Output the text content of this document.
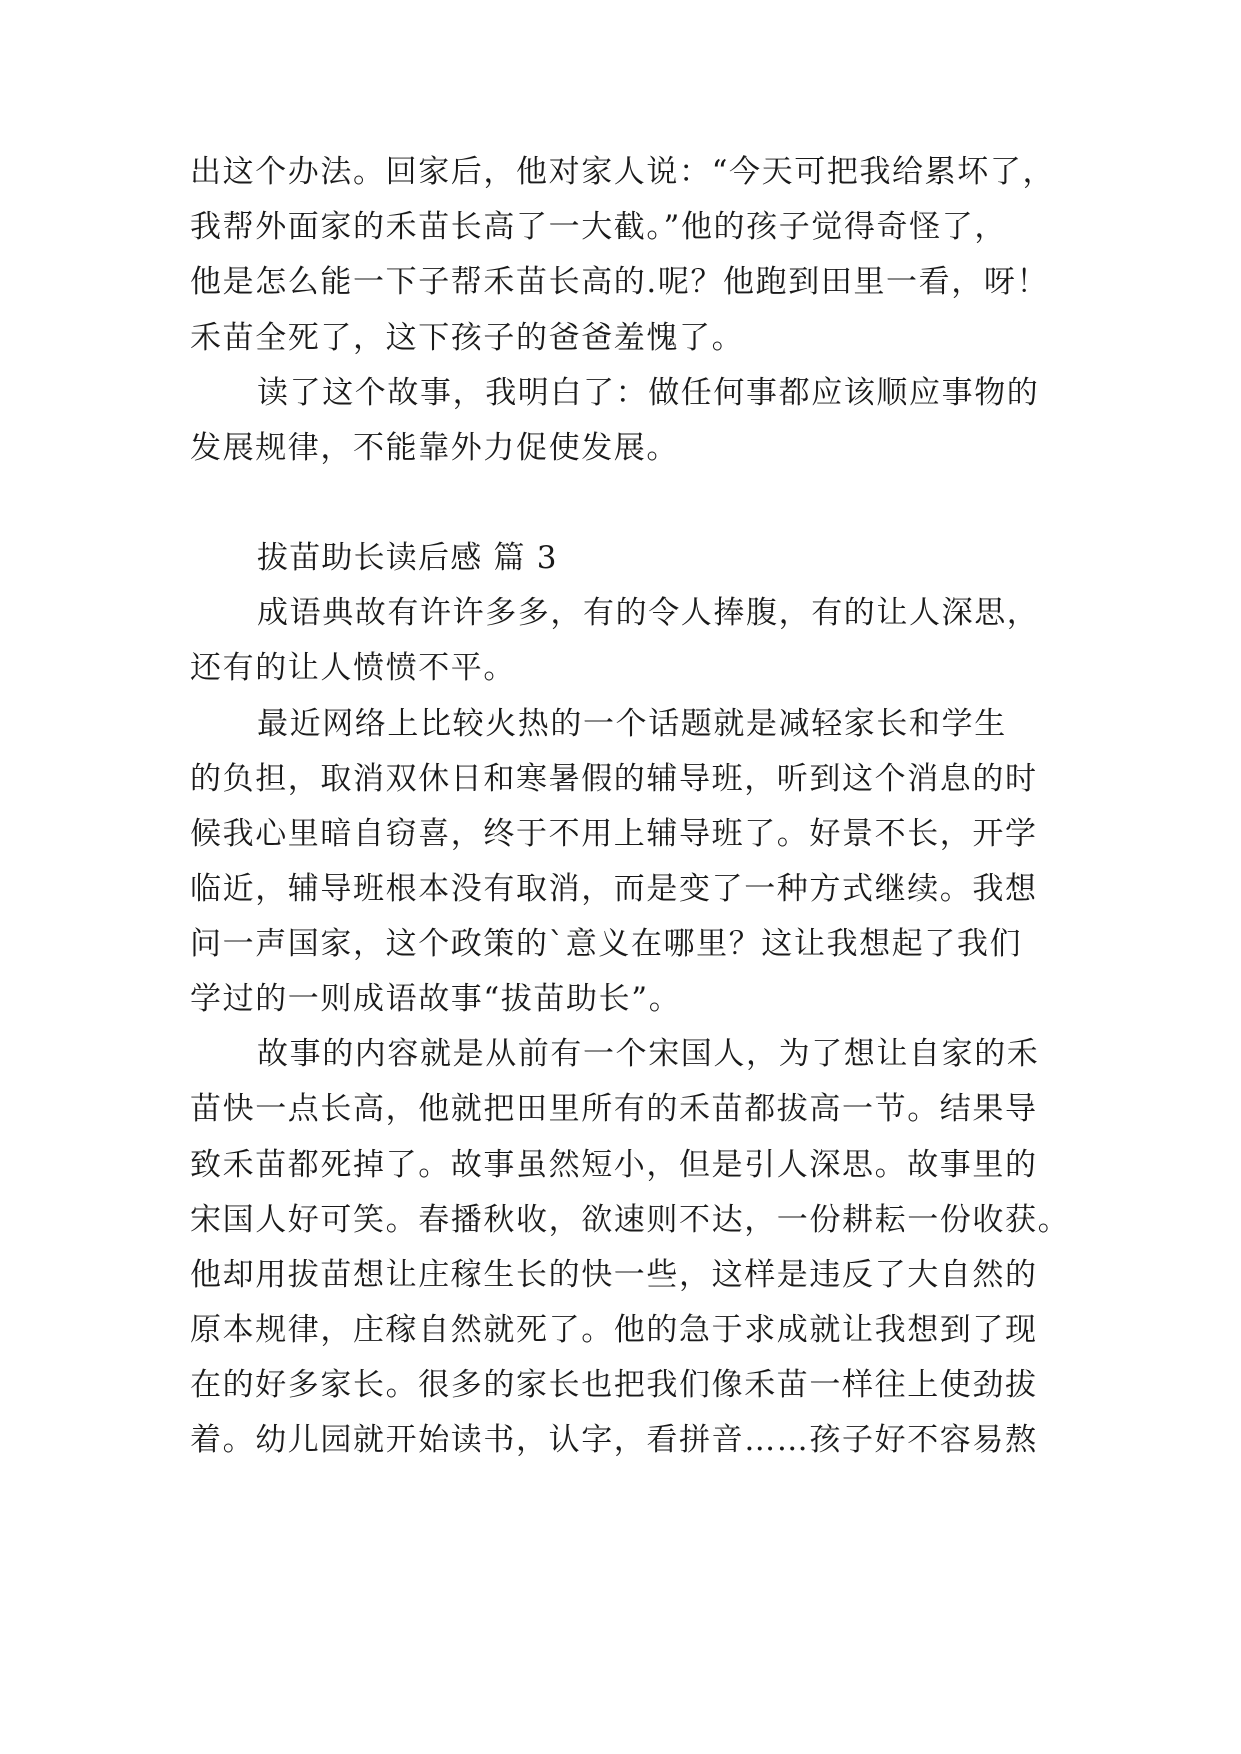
出这个办法。回家后，他对家人说：“今天可把我给累坏了，
我帮外面家的禾苗长高了一大截。”他的孩子觉得奇怪了，
他是怎么能一下子帮禾苗长高的.呢？他跑到田里一看，呀！
禾苗全死了，这下孩子的爸爸羞愧了。
读了这个故事，我明白了：做任何事都应该顺应事物的
发展规律，不能靠外力促使发展。
拔苗助长读后感 篇 3
成语典故有许许多多，有的令人捧腹，有的让人深思，
还有的让人愤愤不平。
最近网络上比较火热的一个话题就是减轻家长和学生
的负担，取消双休日和寒暑假的辅导班，听到这个消息的时
候我心里暗自窃喜，终于不用上辅导班了。好景不长，开学
临近，辅导班根本没有取消，而是变了一种方式继续。我想
问一声国家，这个政策的`意义在哪里？这让我想起了我们
学过的一则成语故事“拔苗助长”。
故事的内容就是从前有一个宋国人，为了想让自家的禾
苗快一点长高，他就把田里所有的禾苗都拔高一节。结果导
致禾苗都死掉了。故事虽然短小，但是引人深思。故事里的
宋国人好可笑。春播秋收，欲速则不达，一份耕耘一份收获。
他却用拔苗想让庄稼生长的快一些，这样是违反了大自然的
原本规律，庄稼自然就死了。他的急于求成就让我想到了现
在的好多家长。很多的家长也把我们像禾苗一样往上使劲拔
着。幼儿园就开始读书，认字，看拼音……孩子好不容易熬
